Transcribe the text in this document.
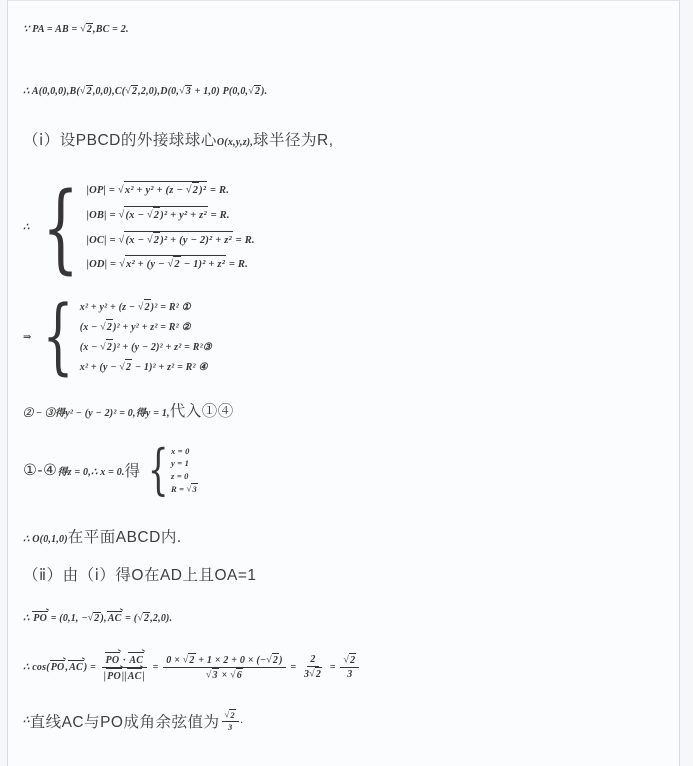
∵ PA = AB = √2,BC = 2.
∴ A(0,0,0),B(√2,0,0),C(√2,2,0),D(0,√3 + 1,0) P(0,0,√2).
（ⅰ）设PBCD的外接球球心 O(x,y,z), 球半径为R,
∴ { |OP| = √x² + y² + (z − √2)² = R.
|OB| = √(x − √2)² + y² + z² = R.
|OC| = √(x − √2)² + (y − 2)² + z² = R.
|OD| = √x² + (y − √2 − 1)² + z² = R.
⇒ { x² + y² + (z − √2)² = R² ①
(x − √2)² + y² + z² = R² ②
(x − √2)² + (y − 2)² + z² = R²③
x² + (y − √2 − 1)² + z² = R² ④
② − ③得y² − (y − 2)² = 0,得y = 1, 代入①④
①-④ 得z = 0,∴ x = 0. 得 { x = 0
y = 1
z = 0
R = √3
∴ O(0,1,0) 在平面ABCD内.
（ⅱ）由（ⅰ）得O在AD上且OA=1
∴ PO = (0,1, −√2),AC = (√2,2,0).
∴ $\cos(PO,AC) = \frac{PO \cdot AC}{|PO||AC|} = \frac{0 \times √2 + 1 \times 2 + 0 \times (-√2)}{√3 \times √6} = \frac{2}{3√2} = \frac{√2}{3}$
∴ 直线AC与PO成角余弦值为 $\frac{√2}{3}$ .
